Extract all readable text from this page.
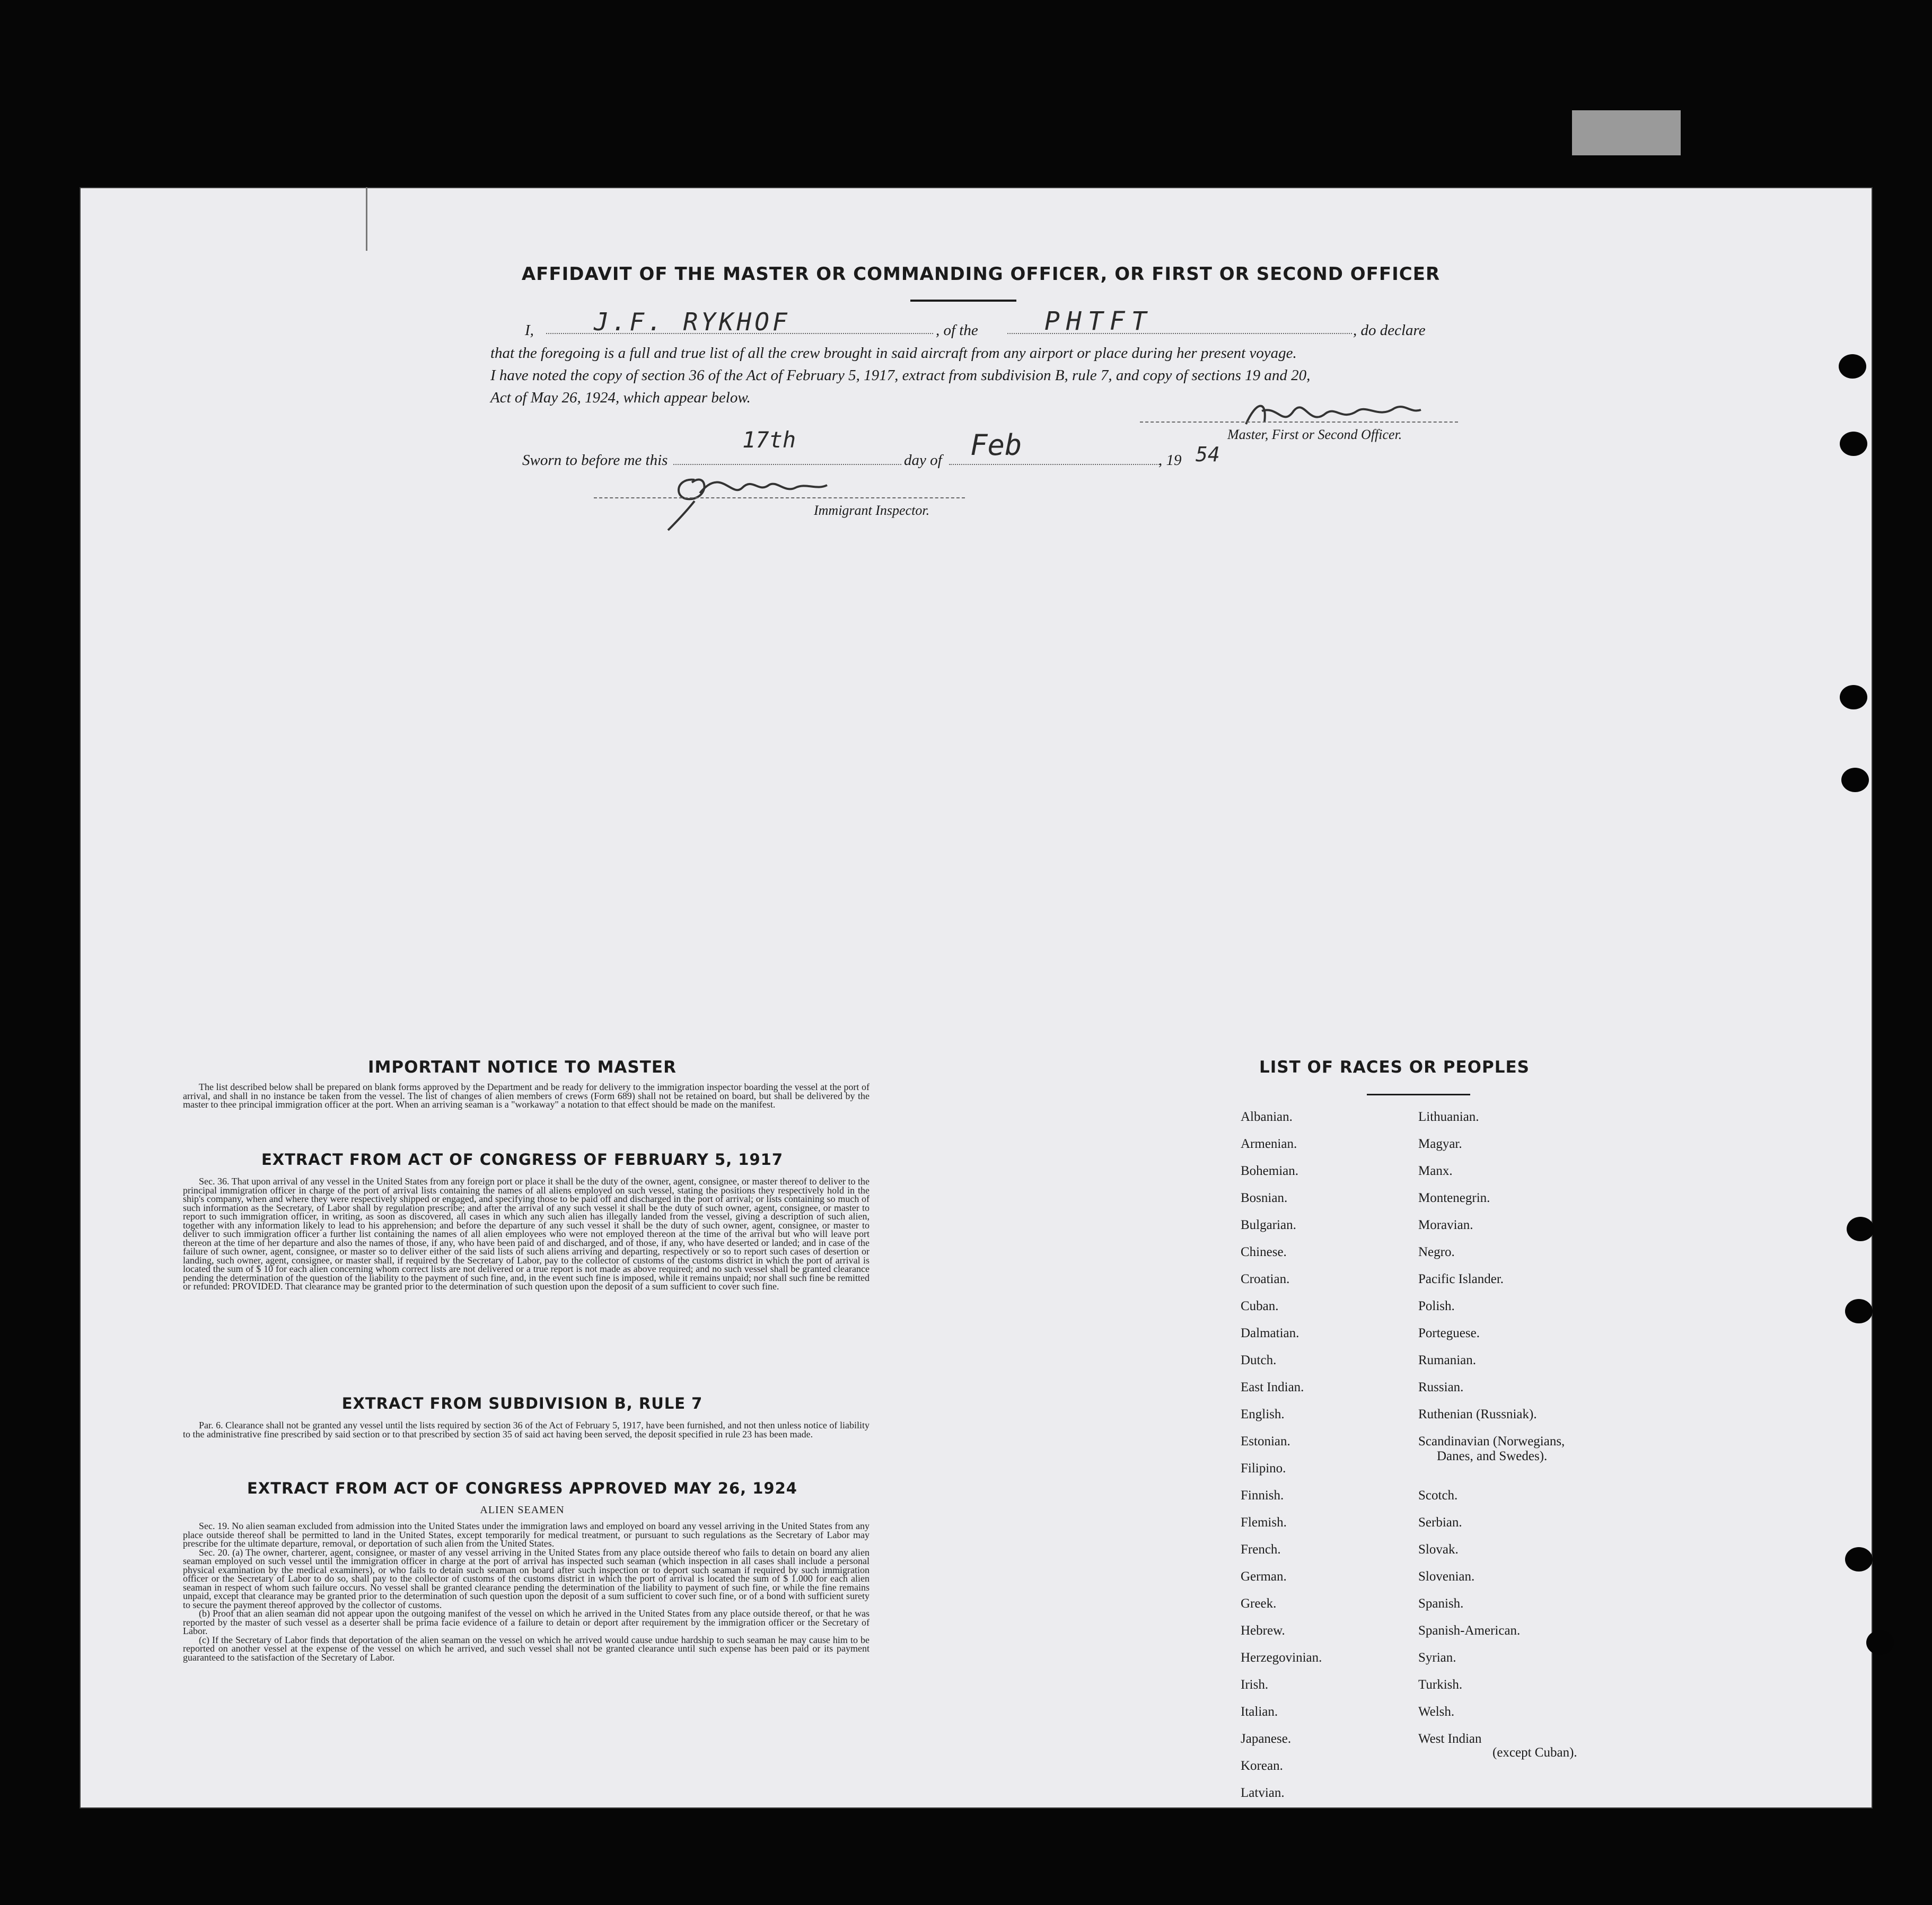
AFFIDAVIT OF THE MASTER OR COMMANDING OFFICER, OR FIRST OR SECOND OFFICER
I, J.F. RYKHOF	, of the	PHTFT	, do declare
that the foregoing is a full and true list of all the crew brought in said aircraft from any airport or place during her present voyage.
I have noted the copy of section 36 of the Act of February 5, 1917, extract from subdivision B, rule 7, and copy of sections 19 and 20,
Act of May 26, 1924, which appear below.
Master, First or Second Officer.
Sworn to before me this
17th
day of Feb	, 19 54
Immigrant Inspector.
IMPORTANT NOTICE TO MASTER

The list described below shall be prepared on blank forms approved by the Department and be ready for delivery to the immigration inspector boarding the vessel at the port of arrival, and shall in no instance be taken from the vessel. The list of changes of alien members of crews (Form 689) shall not be retained on board, but shall be delivered by the master to thee principal immigration officer at the port. When an arriving seaman is a "workaway" a notation to that effect should be made on the manifest.

EXTRACT FROM ACT OF CONGRESS OF FEBRUARY 5, 1917

Sec. 36. That upon arrival of any vessel in the United States from any foreign port or place it shall be the duty of the owner, agent, consignee, or master thereof to deliver to the principal immigration officer in charge of the port of arrival lists containing the names of all aliens employed on such vessel, stating the positions they respectively hold in the ship's company, when and where they were respectively shipped or engaged, and specifying those to be paid off and discharged in the port of arrival; or lists containing so much of such information as the Secretary, of Labor shall by regulation prescribe; and after the arrival of any such vessel it shall be the duty of such owner, agent, consignee, or master to report to such immigration officer, in writing, as soon as discovered, all cases in which any such alien has illegally landed from the vessel, giving a description of such alien, together with any information likely to lead to his apprehension; and before the departure of any such vessel it shall be the duty of such owner, agent, consignee, or master to deliver to such immigration officer a further list containing the names of all alien employees who were not employed thereon at the time of the arrival but who will leave port thereon at the time of her departure and also the names of those, if any, who have been paid of and discharged, and of those, if any, who have deserted or landed; and in case of the failure of such owner, agent, consignee, or master so to deliver either of the said lists of such aliens arriving and departing, respectively or so to report such cases of desertion or landing, such owner, agent, consignee, or master shall, if required by the Secretary of Labor, pay to the collector of customs of the customs district in which the port of arrival is located the sum of $ 10 for each alien concerning whom correct lists are not delivered or a true report is not made as above required; and no such vessel shall be granted clearance pending the determination of the question of the liability to the payment of such fine, and, in the event such fine is imposed, while it remains unpaid; nor shall such fine be remitted or refunded: PROVIDED. That clearance may be granted prior to the determination of such question upon the deposit of a sum sufficient to cover such fine.

EXTRACT FROM SUBDIVISION B, RULE 7

Par. 6. Clearance shall not be granted any vessel until the lists required by section 36 of the Act of February 5, 1917, have been furnished, and not then unless notice of liability to the administrative fine prescribed by said section or to that prescribed by section 35 of said act having been served, the deposit specified in rule 23 has been made.

EXTRACT FROM ACT OF CONGRESS APPROVED MAY 26, 1924
ALIEN SEAMEN

Sec. 19. No alien seaman excluded from admission into the United States under the immigration laws and employed on board any vessel arriving in the United States from any place outside thereof shall be permitted to land in the United States, except temporarily for medical treatment, or pursuant to such regulations as the Secretary of Labor may prescribe for the ultimate departure, removal, or deportation of such alien from the United States.

Sec. 20. (a) The owner, charterer, agent, consignee, or master of any vessel arriving in the United States from any place outside thereof who fails to detain on board any alien seaman employed on such vessel until the immigration officer in charge at the port of arrival has inspected such seaman (which inspection in all cases shall include a personal physical examination by the medical examiners), or who fails to detain such seaman on board after such inspection or to deport such seaman if required by such immigration officer or the Secretary of Labor to do so, shall pay to the collector of customs of the customs district in which the port of arrival is located the sum of $ 1.000 for each alien seaman in respect of whom such failure occurs. No vessel shall be granted clearance pending the determination of the liability to payment of such fine, or while the fine remains unpaid, except that clearance may be granted prior to the determination of such question upon the deposit of a sum sufficient to cover such fine, or of a bond with sufficient surety to secure the payment thereof approved by the collector of customs.

(b) Proof that an alien seaman did not appear upon the outgoing manifest of the vessel on which he arrived in the United States from any place outside thereof, or that he was reported by the master of such vessel as a deserter shall be prima facie evidence of a failure to detain or deport after requirement by the immigration officer or the Secretary of Labor.

(c) If the Secretary of Labor finds that deportation of the alien seaman on the vessel on which he arrived would cause undue hardship to such seaman he may cause him to be reported on another vessel at the expense of the vessel on which he arrived, and such vessel shall not be granted clearance until such expense has been paid or its payment guaranteed to the satisfaction of the Secretary of Labor.

LIST OF RACES OR PEOPLES
Albanian.
Armenian.
Bohemian.
Bosnian.
Bulgarian.
Chinese.
Croatian.
Cuban.
Dalmatian.
Dutch.
East Indian.
English.
Estonian.
Filipino.
Finnish.
Flemish.
French.
German.
Greek.
Hebrew.
Herzegovinian.
Irish.
Italian.
Japanese.
Korean.
Latvian.
Lithuanian.
Magyar.
Manx.
Montenegrin.
Moravian.
Negro.
Pacific Islander.
Polish.
Porteguese.
Rumanian.
Russian.
Ruthenian (Russniak).
Scandinavian (Norwegians,
Danes, and Swedes).
Scotch.
Serbian.
Slovak.
Slovenian.
Spanish.
Spanish-American.
Syrian.
Turkish.
Welsh.
West Indian
(except Cuban).
